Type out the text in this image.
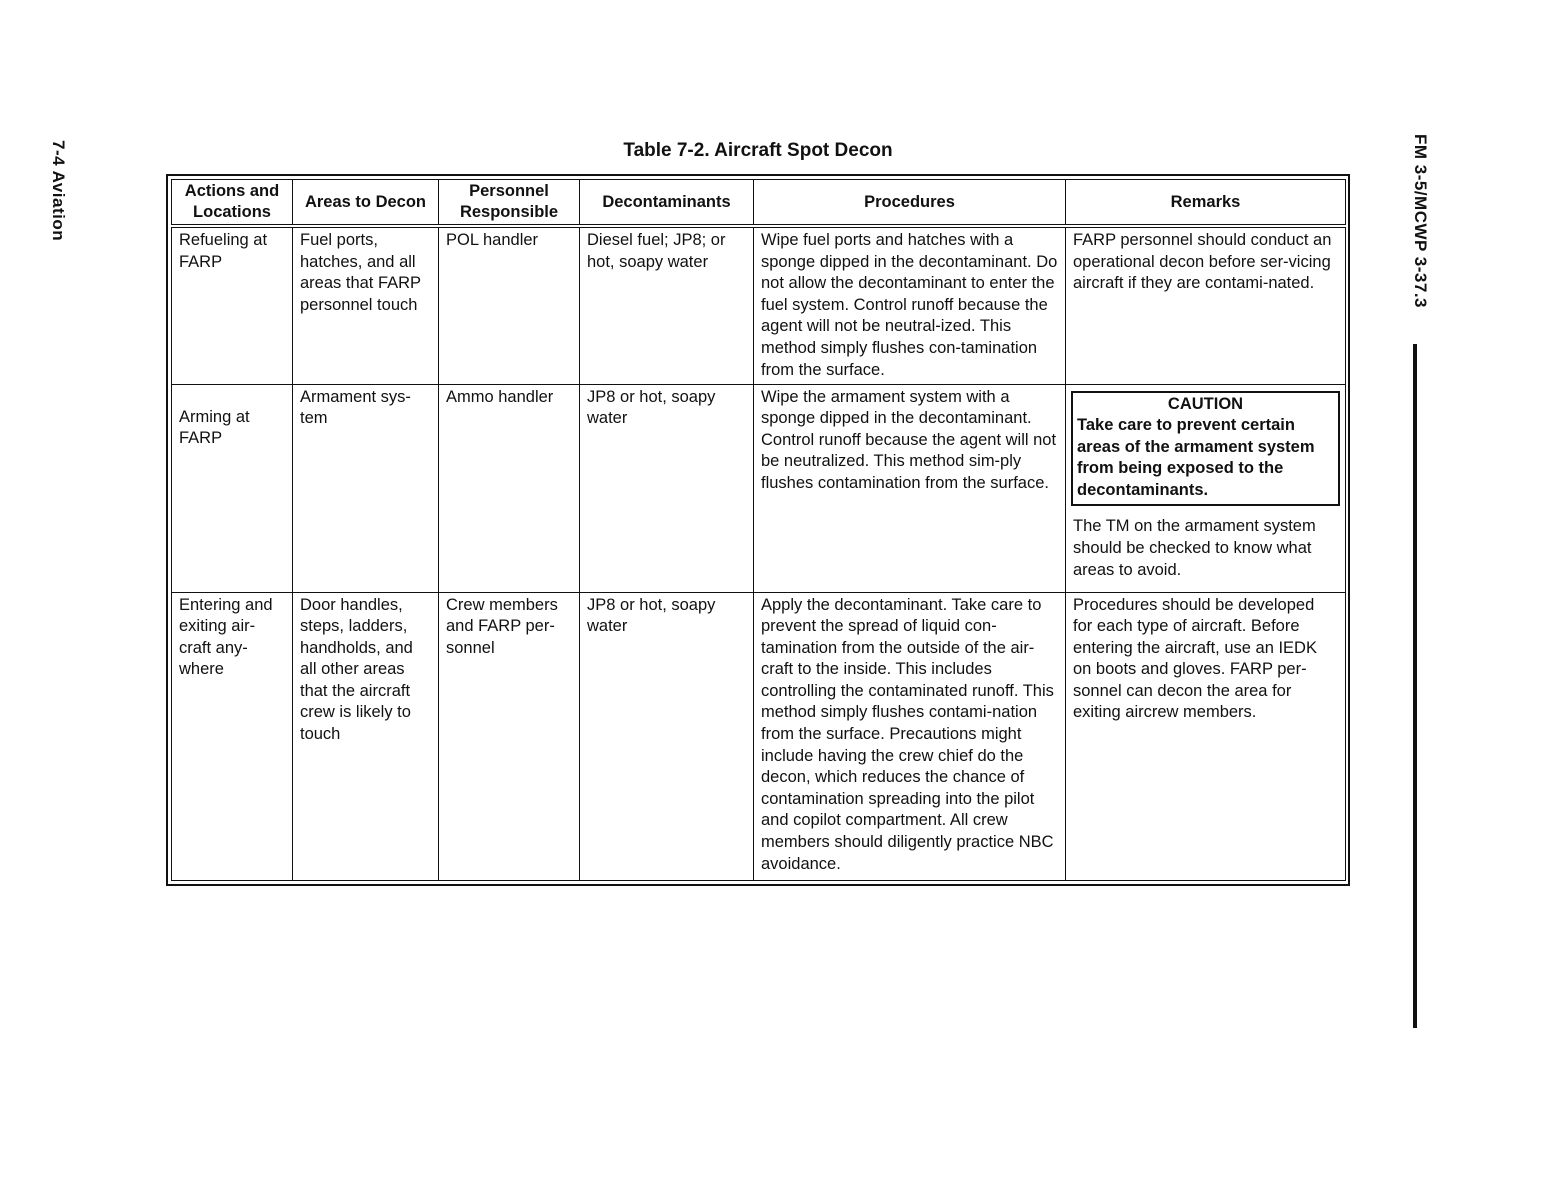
7-4 Aviation	FM 3-5/MCWP 3-37.3
Table 7-2. Aircraft Spot Decon
Actions and Locations	Areas to Decon	Personnel Responsible	Decontaminants	Procedures	Remarks
Refueling at FARP	Fuel ports, hatches, and all areas that FARP personnel touch	POL handler	Diesel fuel; JP8; or hot, soapy water	Wipe fuel ports and hatches with a sponge dipped in the decontaminant. Do not allow the decontaminant to enter the fuel system. Control runoff because the agent will not be neutral-ized. This method simply flushes con-tamination from the surface.	FARP personnel should conduct an operational decon before ser-vicing aircraft if they are contami-nated.
Arming at FARP	Armament sys-tem	Ammo handler	JP8 or hot, soapy water	Wipe the armament system with a sponge dipped in the decontaminant. Control runoff because the agent will not be neutralized. This method sim-ply flushes contamination from the surface.	CAUTION
Take care to prevent certain areas of the armament system from being exposed to the decontaminants.
The TM on the armament system should be checked to know what areas to avoid.

Entering and exiting air-craft any-where	Door handles, steps, ladders, handholds, and all other areas that the aircraft crew is likely to touch	Crew members and FARP per-sonnel	JP8 or hot, soapy water	Apply the decontaminant. Take care to prevent the spread of liquid con-tamination from the outside of the air-craft to the inside. This includes controlling the contaminated runoff. This method simply flushes contami-nation from the surface. Precautions might include having the crew chief do the decon, which reduces the chance of contamination spreading into the pilot and copilot compartment. All crew members should diligently practice NBC avoidance.	Procedures should be developed for each type of aircraft. Before entering the aircraft, use an IEDK on boots and gloves. FARP per-sonnel can decon the area for exiting aircrew members.
